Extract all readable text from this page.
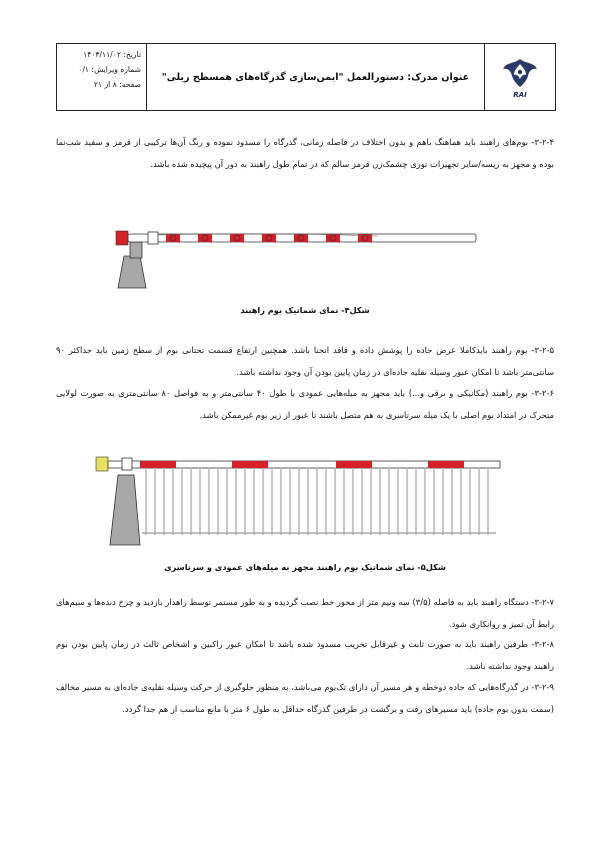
تاریخ: ۱۴۰۳/۱۱/۰۲
شماره ویرایش: ۰/۱
صفحه: ۸ از ۲۱
عنوان مدرک: دستورالعمل "ایمن‌سازی گذرگاه‌های همسطح ریلی"
RAI
۳-۲-۴- بوم‌های راهبند باید هماهنگ باهم و بدون اختلاف در فاصله زمانی، گذرگاه را مسدود نموده و رنگ آن‌ها ترکیبی از قرمز و سفید شب‌نما بوده و مجهز به ریسه/سایر تجهیزات نوری چشمک‌زن قرمز سالم که در تمام طول راهبند به دور آن پیچیده شده باشد.
شکل۴- نمای شماتیک بوم راهبند
۳-۲-۵- بوم راهبند بایدکاملا عرض جاده را پوشش داده و فاقد انحنا باشد. همچنین ارتفاع قسمت تحتانی بوم از سطح زمین باید حداکثر ۹۰ سانتی‌متر باشد تا امکان عبور وسیله نقلیه جاده‌ای در زمان پایین بودن آن وجود نداشته باشد.
۳-۲-۶- بوم راهبند (مکانیکی و برقی و...) باید مجهز به میله‌هایی عمودی با طول ۴۰ سانتی‌متر و به فواصل ۸۰ سانتی‌متری به صورت لولایی متحرک در امتداد بوم اصلی با یک میله سرتاسری به هم متصل باشند تا عبور از زیر بوم غیرممکن باشد.
شکل۵- نمای شماتیک بوم راهبند مجهز به میله‌های عمودی و سرتاسری
۳-۲-۷- دستگاه راهبند باید به فاصله (۳/۵) سه ونیم متر از محور خط نصب گردیده و به طور مستمر توسط راهدار بازدید و چرخ دنده‌ها و سیم‌های رابط آن تمیز و روانکاری شود.
۳-۲-۸- طرفین راهبند باید به صورت ثابت و غیرقابل تخریب مسدود شده باشد تا امکان عبور راکبین و اشخاص ثالث در زمان پایین بودن بوم راهبند وجود نداشته باشد.
۳-۲-۹- در گذرگاه‌هایی که جاده دوخطه و هر مسیر آن دارای تک‌بوم می‌باشد، به منظور جلوگیری از حرکت وسیله نقلیه‌ی جاده‌ای به مسیر مخالف (سمت بدون بوم جاده) باید مسیرهای رفت و برگشت در طرفین گذرگاه حداقل به طول ۶ متر با مانع مناسب از هم جدا گردد.
